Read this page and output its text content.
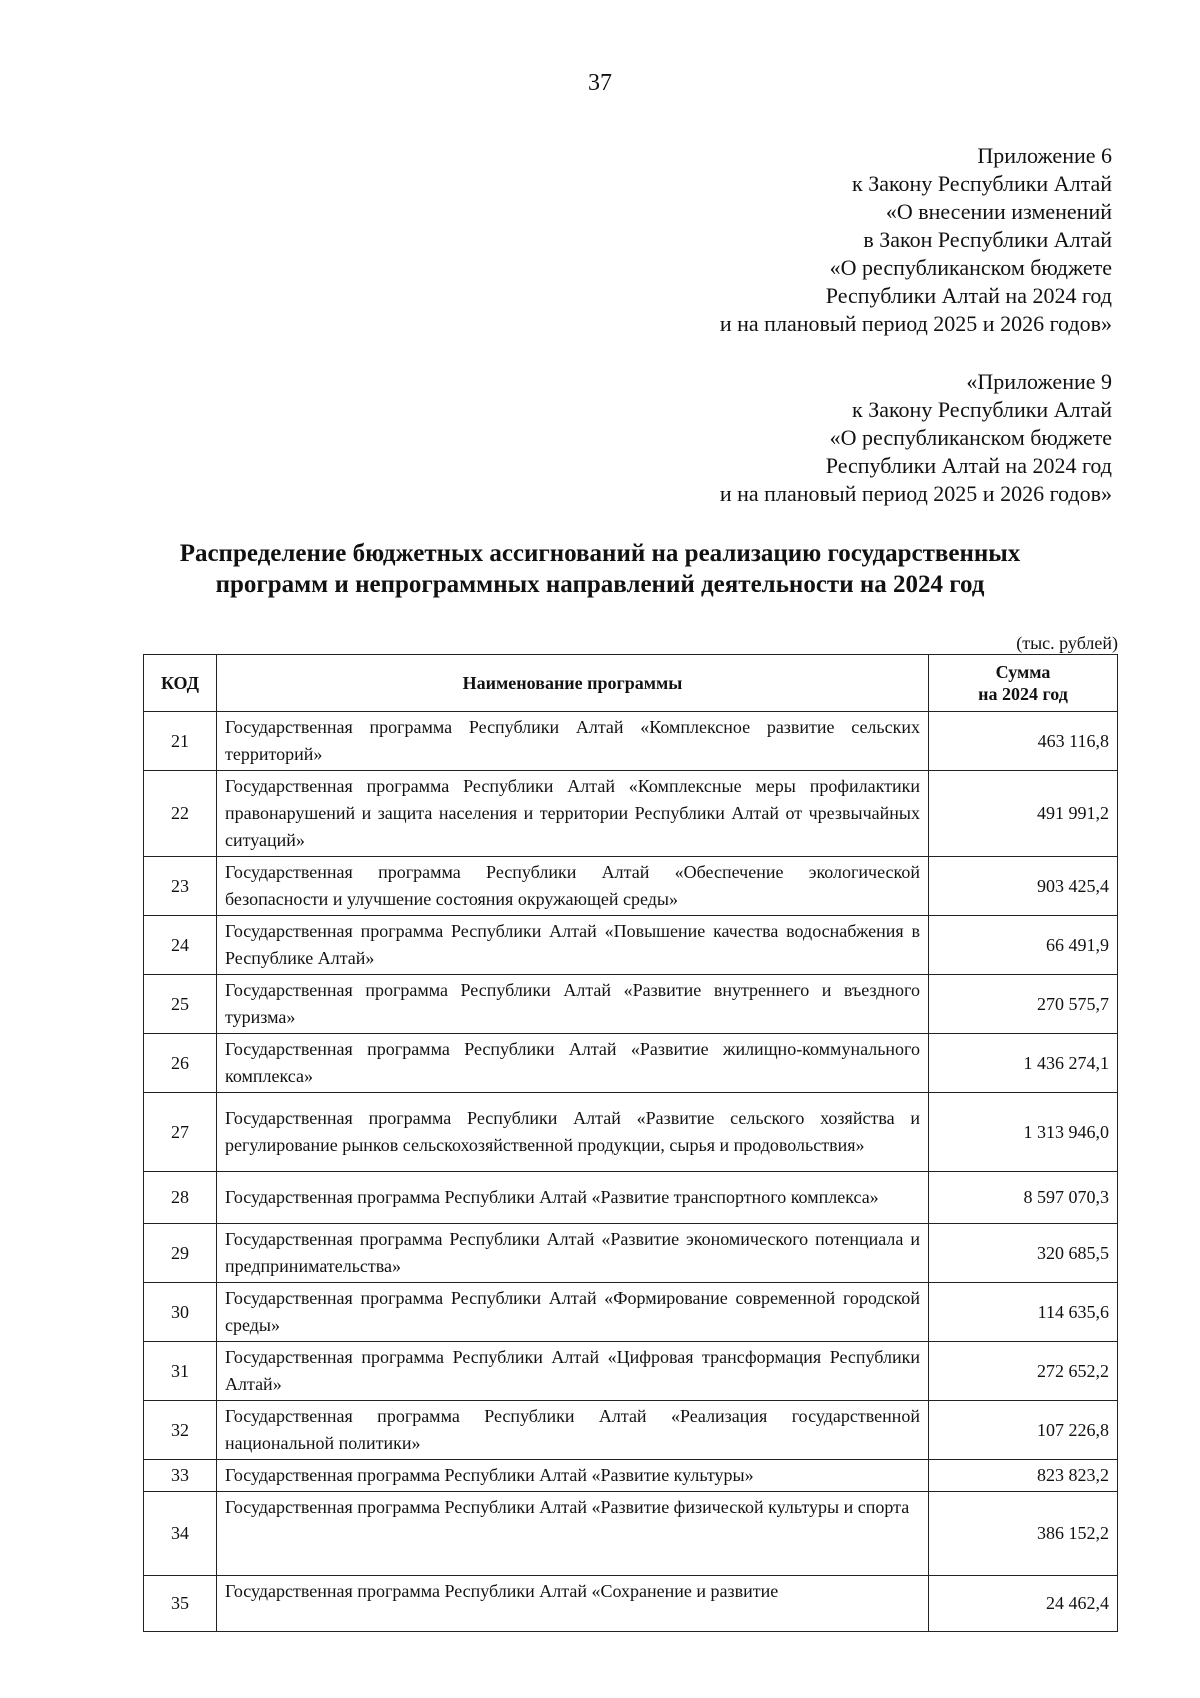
37
Приложение 6
к Закону Республики Алтай
«О внесении изменений
в Закон Республики Алтай
«О республиканском бюджете
Республики Алтай на 2024 год
и на плановый период 2025 и 2026 годов»
«Приложение 9
к Закону Республики Алтай
«О республиканском бюджете
Республики Алтай на 2024 год
и на плановый период 2025 и 2026 годов»
Распределение бюджетных ассигнований на реализацию государственных
программ и непрограммных направлений деятельности на 2024 год
(тыс. рублей)
КОД	Наименование программы	Сумма
на 2024 год

21	Государственная программа Республики Алтай «Комплексное развитие сельских территорий»	463 116,8
22	Государственная программа Республики Алтай «Комплексные меры профилактики правонарушений и защита населения и территории Республики Алтай от чрезвычайных ситуаций»	491 991,2
23	Государственная программа Республики Алтай «Обеспечение экологической безопасности и улучшение состояния окружающей среды»	903 425,4
24	Государственная программа Республики Алтай «Повышение качества водоснабжения в Республике Алтай»	66 491,9
25	Государственная программа Республики Алтай «Развитие внутреннего и въездного туризма»	270 575,7
26	Государственная программа Республики Алтай «Развитие жилищно-коммунального комплекса»	1 436 274,1
27	Государственная программа Республики Алтай «Развитие сельского хозяйства и регулирование рынков сельскохозяйственной продукции, сырья и продовольствия»	1 313 946,0
28	Государственная программа Республики Алтай «Развитие транспортного комплекса»	8 597 070,3
29	Государственная программа Республики Алтай «Развитие экономического потенциала и предпринимательства»	320 685,5
30	Государственная программа Республики Алтай «Формирование современной городской среды»	114 635,6
31	Государственная программа Республики Алтай «Цифровая трансформация Республики Алтай»	272 652,2
32	Государственная программа Республики Алтай «Реализация государственной национальной политики»	107 226,8
33	Государственная программа Республики Алтай «Развитие культуры»	823 823,2
34	Государственная программа Республики Алтай «Развитие физической культуры и спорта	386 152,2
35	Государственная программа Республики Алтай «Сохранение и развитие	24 462,4
